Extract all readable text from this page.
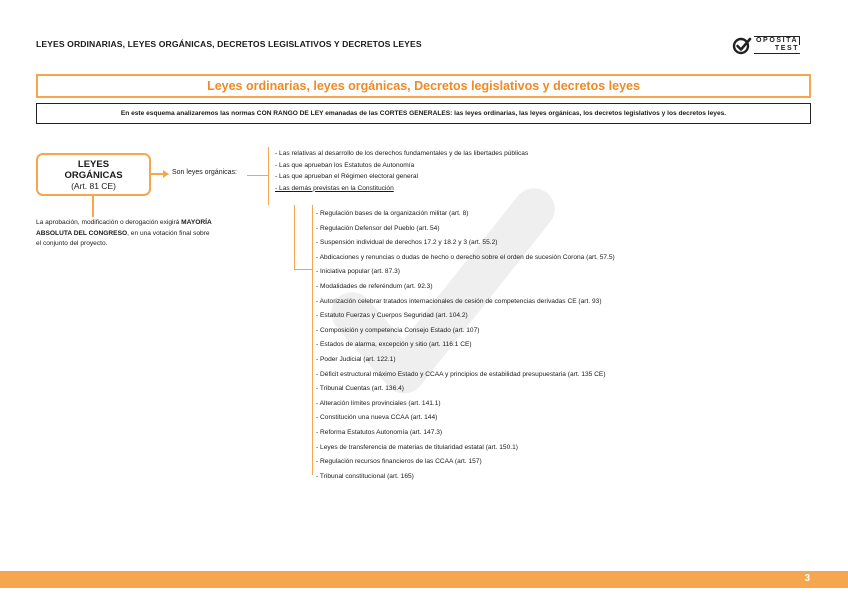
LEYES ORDINARIAS, LEYES ORGÁNICAS, DECRETOS LEGISLATIVOS Y DECRETOS LEYES	OPOSITA
TEST
Leyes ordinarias, leyes orgánicas, Decretos legislativos y decretos leyes
En este esquema analizaremos las normas CON RANGO DE LEY emanadas de las CORTES GENERALES: las leyes ordinarias, las leyes orgánicas, los decretos legislativos y los decretos leyes.
LEYES
ORGÁNICAS
(Art. 81 CE)
Son leyes orgánicas:
La aprobación, modificación o derogación exigirá MAYORÍA ABSOLUTA DEL CONGRESO, en una votación final sobre el conjunto del proyecto.
- Las relativas al desarrollo de los derechos fundamentales y de las libertades públicas
- Las que aprueban los Estatutos de Autonomía
- Las que aprueban el Régimen electoral general
- Las demás previstas en la Constitución
- Regulación bases de la organización militar (art. 8)
- Regulación Defensor del Pueblo (art. 54)
- Suspensión individual de derechos 17.2 y 18.2 y 3 (art. 55.2)
- Abdicaciones y renuncias o dudas de hecho o derecho sobre el orden de sucesión Corona (art. 57.5)
- Iniciativa popular (art. 87.3)
- Modalidades de referéndum (art. 92.3)
- Autorización celebrar tratados internacionales de cesión de competencias derivadas CE (art. 93)
- Estatuto Fuerzas y Cuerpos Seguridad (art. 104.2)
- Composición y competencia Consejo Estado (art. 107)
- Estados de alarma, excepción y sitio (art. 116.1 CE)
- Poder Judicial (art. 122.1)
- Déficit estructural máximo Estado y CCAA y principios de estabilidad presupuestaria (art. 135 CE)
- Tribunal Cuentas (art. 136.4)
- Alteración límites provinciales (art. 141.1)
- Constitución una nueva CCAA (art. 144)
- Reforma Estatutos Autonomía (art. 147.3)
- Leyes de transferencia de materias de titularidad estatal (art. 150.1)
- Regulación recursos financieros de las CCAA (art. 157)
- Tribunal constitucional (art. 165)
3
